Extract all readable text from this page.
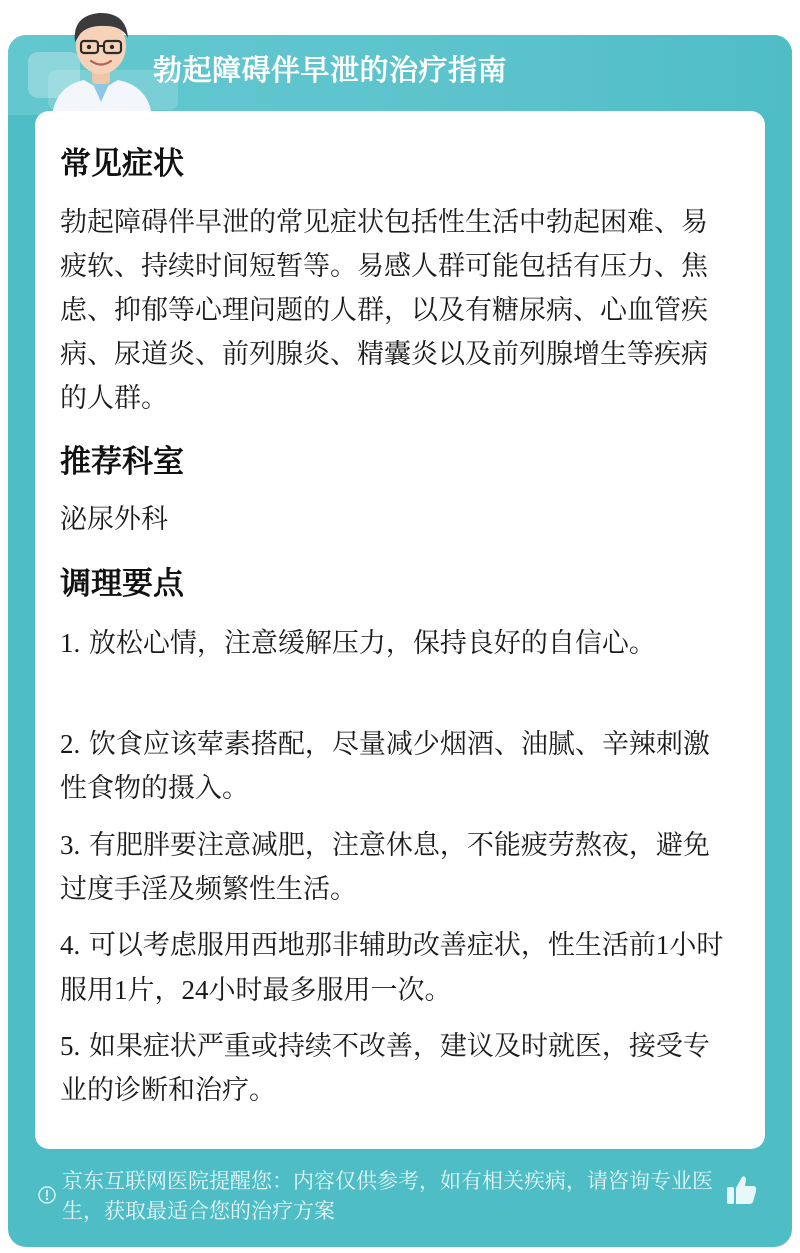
勃起障碍伴早泄的治疗指南
常见症状
勃起障碍伴早泄的常见症状包括性生活中勃起困难、易疲软、持续时间短暂等。易感人群可能包括有压力、焦虑、抑郁等心理问题的人群，以及有糖尿病、心血管疾病、尿道炎、前列腺炎、精囊炎以及前列腺增生等疾病的人群。
推荐科室
泌尿外科
调理要点
1. 放松心情，注意缓解压力，保持良好的自信心。
2. 饮食应该荤素搭配，尽量减少烟酒、油腻、辛辣刺激性食物的摄入。
3. 有肥胖要注意减肥，注意休息，不能疲劳熬夜，避免过度手淫及频繁性生活。
4. 可以考虑服用西地那非辅助改善症状，性生活前1小时服用1片，24小时最多服用一次。
5. 如果症状严重或持续不改善，建议及时就医，接受专业的诊断和治疗。
京东互联网医院提醒您：内容仅供参考，如有相关疾病，请咨询专业医生，获取最适合您的治疗方案
